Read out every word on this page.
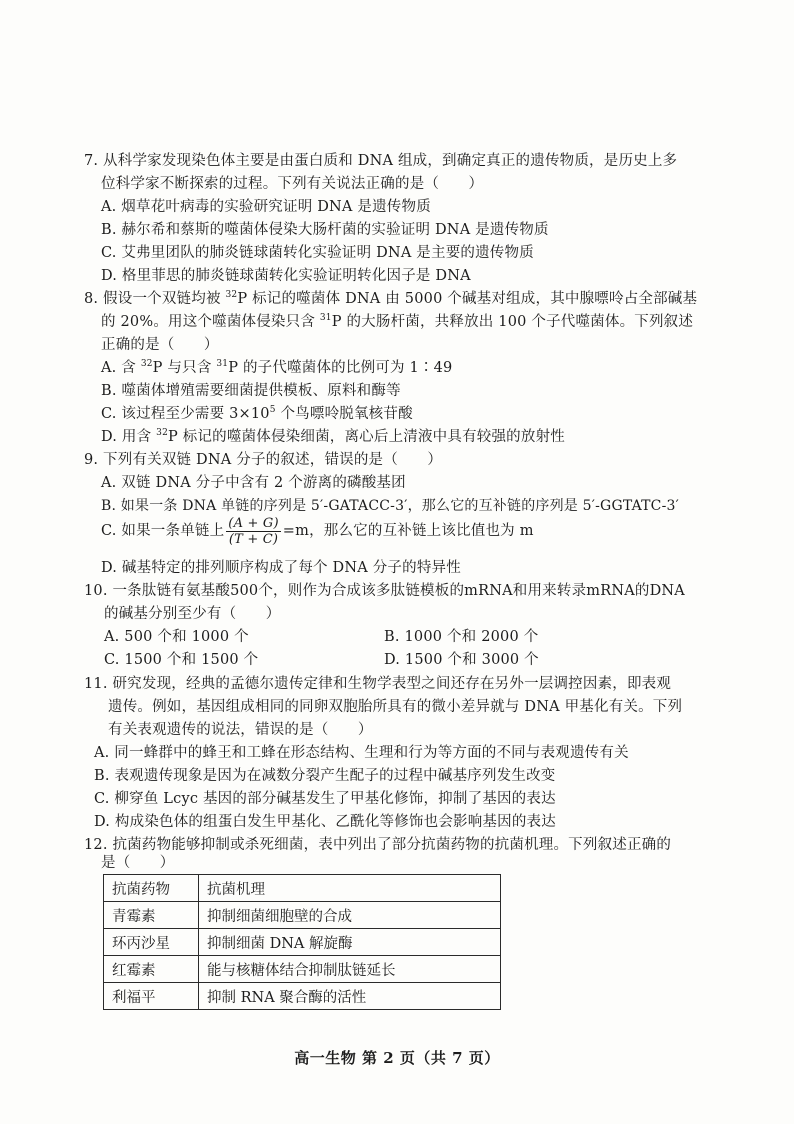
7. 从科学家发现染色体主要是由蛋白质和 DNA 组成，到确定真正的遗传物质，是历史上多
位科学家不断探索的过程。下列有关说法正确的是（　　）
A. 烟草花叶病毒的实验研究证明 DNA 是遗传物质
B. 赫尔希和蔡斯的噬菌体侵染大肠杆菌的实验证明 DNA 是遗传物质
C. 艾弗里团队的肺炎链球菌转化实验证明 DNA 是主要的遗传物质
D. 格里菲思的肺炎链球菌转化实验证明转化因子是 DNA
8. 假设一个双链均被 $^{32}$P 标记的噬菌体 DNA 由 5000 个碱基对组成，其中腺嘌呤占全部碱基
的 20%。用这个噬菌体侵染只含 $^{31}$P 的大肠杆菌，共释放出 100 个子代噬菌体。下列叙述
正确的是（　　）
A. 含 $^{32}$P 与只含 $^{31}$P 的子代噬菌体的比例可为 1∶49
B. 噬菌体增殖需要细菌提供模板、原料和酶等
C. 该过程至少需要 $3\times 10^5$ 个鸟嘌呤脱氧核苷酸
D. 用含 $^{32}$P 标记的噬菌体侵染细菌，离心后上清液中具有较强的放射性
9. 下列有关双链 DNA 分子的叙述，错误的是（　　）
A. 双链 DNA 分子中含有 2 个游离的磷酸基团
B. 如果一条 DNA 单链的序列是 5′-GATACC-3′，那么它的互补链的序列是 5′-GGTATC-3′
C. 如果一条单链上 $\frac{(A + G)}{(T + C)} =m$，那么它的互补链上该比值也为 m
D. 碱基特定的排列顺序构成了每个 DNA 分子的特异性
10. 一条肽链有氨基酸500个，则作为合成该多肽链模板的mRNA和用来转录mRNA的DNA
的碱基分别至少有（　　）
A. 500 个和 1000 个	B. 1000 个和 2000 个
C. 1500 个和 1500 个	D. 1500 个和 3000 个
11. 研究发现，经典的孟德尔遗传定律和生物学表型之间还存在另外一层调控因素，即表观
遗传。例如，基因组成相同的同卵双胞胎所具有的微小差异就与 DNA 甲基化有关。下列
有关表观遗传的说法，错误的是（　　）
A. 同一蜂群中的蜂王和工蜂在形态结构、生理和行为等方面的不同与表观遗传有关
B. 表观遗传现象是因为在减数分裂产生配子的过程中碱基序列发生改变
C. 柳穿鱼 Lcyc 基因的部分碱基发生了甲基化修饰，抑制了基因的表达
D. 构成染色体的组蛋白发生甲基化、乙酰化等修饰也会影响基因的表达
12. 抗菌药物能够抑制或杀死细菌，表中列出了部分抗菌药物的抗菌机理。下列叙述正确的
是（　　）
抗菌药物	抗菌机理
青霉素	抑制细菌细胞壁的合成
环丙沙星	抑制细菌 DNA 解旋酶
红霉素	能与核糖体结合抑制肽链延长
利福平	抑制 RNA 聚合酶的活性
高一生物 第 2 页（共 7 页）
